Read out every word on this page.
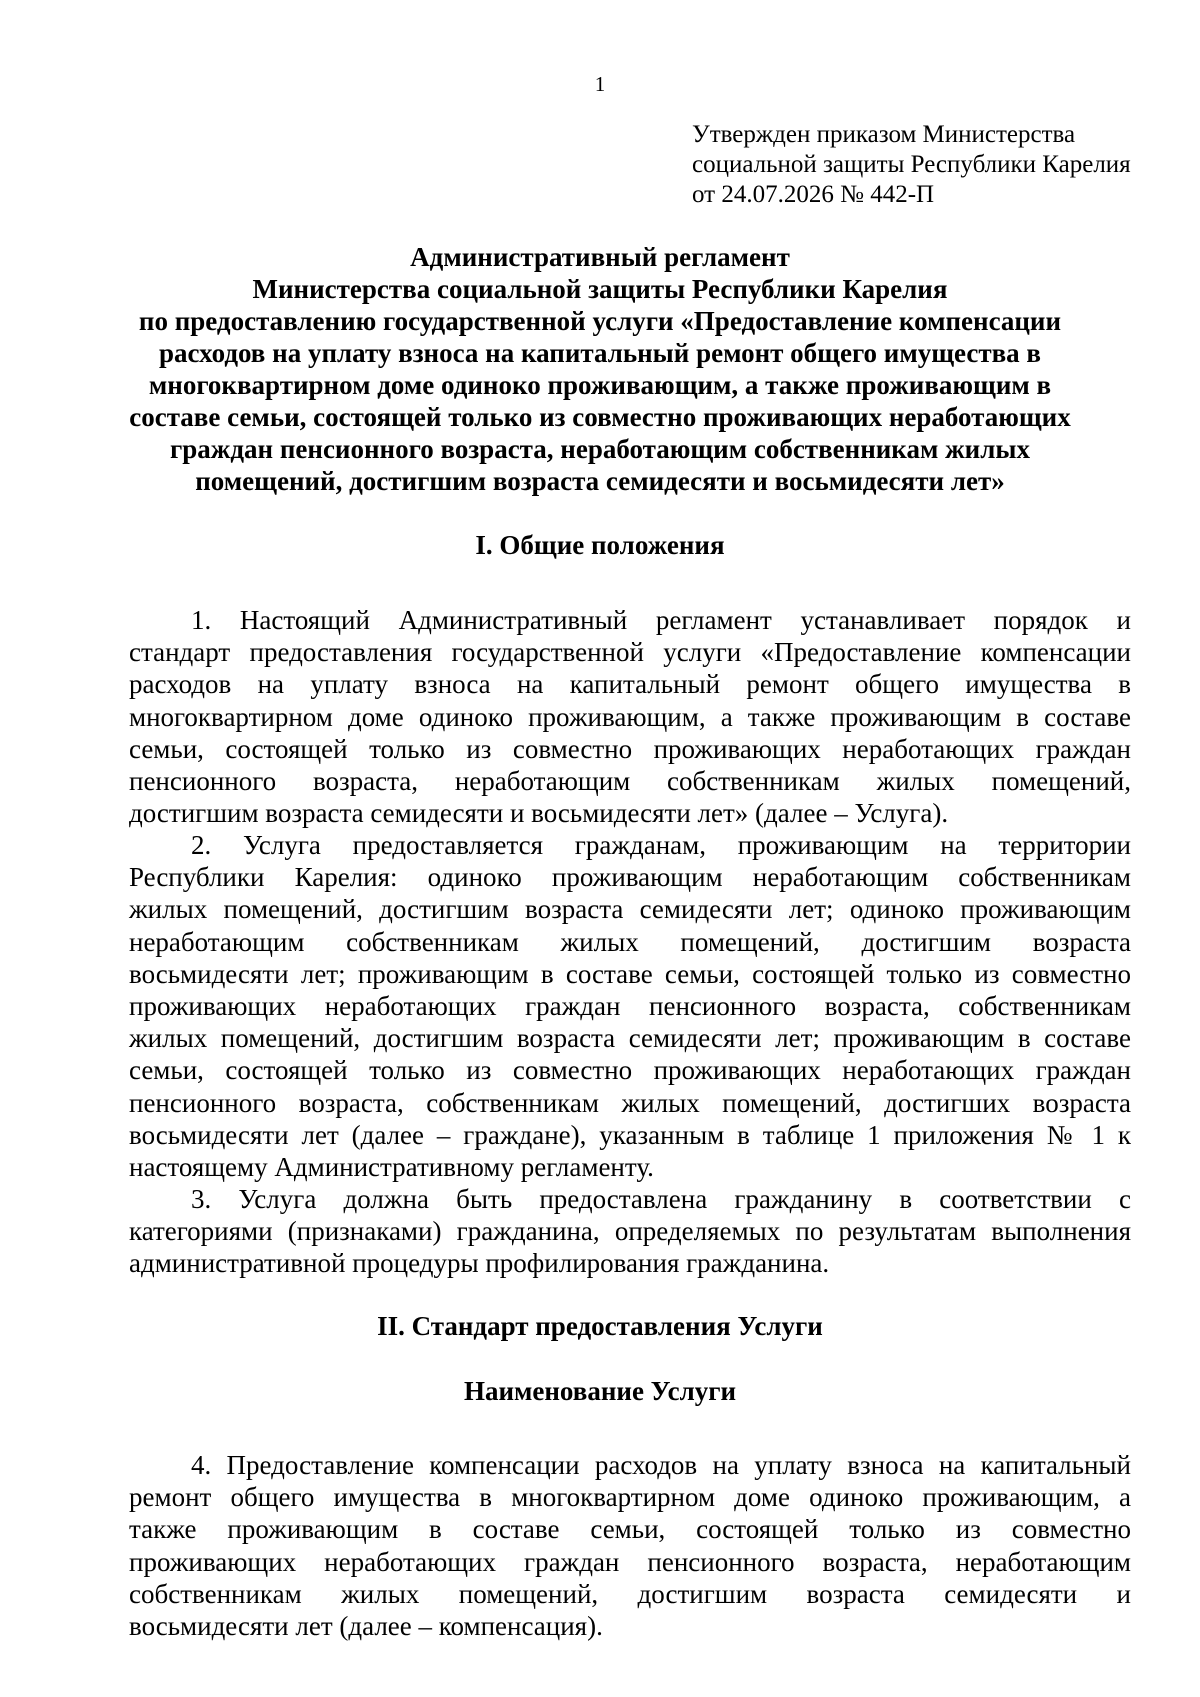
1
Утвержден приказом Министерства
социальной защиты Республики Карелия
от 24.07.2026 № 442-П
Административный регламент
Министерства социальной защиты Республики Карелия
по предоставлению государственной услуги «Предоставление компенсации
расходов на уплату взноса на капитальный ремонт общего имущества в
многоквартирном доме одиноко проживающим, а также проживающим в
составе семьи, состоящей только из совместно проживающих неработающих
граждан пенсионного возраста, неработающим собственникам жилых
помещений, достигшим возраста семидесяти и восьмидесяти лет»
I. Общие положения
1. Настоящий Административный регламент устанавливает порядок и
стандарт предоставления государственной услуги «Предоставление компенсации
расходов на уплату взноса на капитальный ремонт общего имущества в
многоквартирном доме одиноко проживающим, а также проживающим в составе
семьи, состоящей только из совместно проживающих неработающих граждан
пенсионного возраста, неработающим собственникам жилых помещений,
достигшим возраста семидесяти и восьмидесяти лет» (далее – Услуга).
2. Услуга предоставляется гражданам, проживающим на территории
Республики Карелия: одиноко проживающим неработающим собственникам
жилых помещений, достигшим возраста семидесяти лет; одиноко проживающим
неработающим собственникам жилых помещений, достигшим возраста
восьмидесяти лет; проживающим в составе семьи, состоящей только из совместно
проживающих неработающих граждан пенсионного возраста, собственникам
жилых помещений, достигшим возраста семидесяти лет; проживающим в составе
семьи, состоящей только из совместно проживающих неработающих граждан
пенсионного возраста, собственникам жилых помещений, достигших возраста
восьмидесяти лет (далее – граждане), указанным в таблице 1 приложения № 1 к
настоящему Административному регламенту.
3. Услуга должна быть предоставлена гражданину в соответствии с
категориями (признаками) гражданина, определяемых по результатам выполнения
административной процедуры профилирования гражданина.
II. Стандарт предоставления Услуги
Наименование Услуги
4. Предоставление компенсации расходов на уплату взноса на капитальный
ремонт общего имущества в многоквартирном доме одиноко проживающим, а
также проживающим в составе семьи, состоящей только из совместно
проживающих неработающих граждан пенсионного возраста, неработающим
собственникам жилых помещений, достигшим возраста семидесяти и
восьмидесяти лет (далее – компенсация).
